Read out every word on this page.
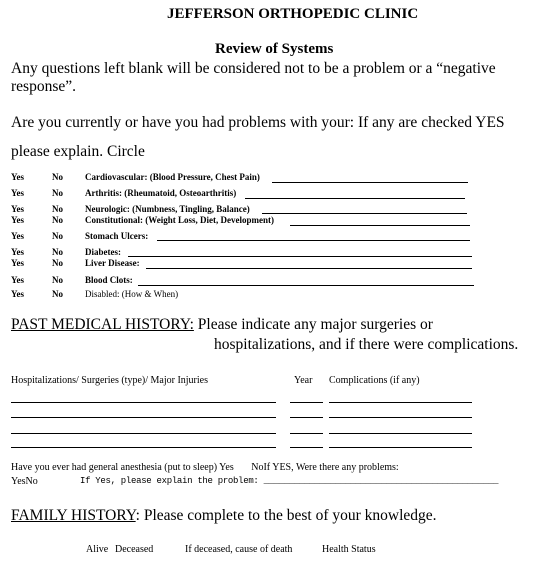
JEFFERSON ORTHOPEDIC CLINIC
Review of Systems
Any questions left blank will be considered not to be a problem or a “negative
response”.
Are you currently or have you had problems with your: If any are checked YES
please explain. Circle
Yes	No Cardiovascular: (Blood Pressure, Chest Pain)
Yes	No Arthritis: (Rheumatoid, Osteoarthritis)
Yes	No Neurologic: (Numbness, Tingling, Balance)
Yes	No Constitutional: (Weight Loss, Diet, Development)
Yes	No Stomach Ulcers:
Yes	No Diabetes:
Yes	No Liver Disease:
Yes	No Blood Clots:
Yes	No Disabled: (How & When)
PAST MEDICAL HISTORY: Please indicate any major surgeries or
hospitalizations, and if there were complications.
Hospitalizations/ Surgeries (type)/ Major Injuries	Year Complications (if any)
Have you ever had general anesthesia (put to sleep) Yes NoIf YES, Were there any problems:
YesNo	If Yes, please explain the problem: ______________________________________________
FAMILY HISTORY: Please complete to the best of your knowledge.
Alive Deceased	If deceased, cause of death	Health Status
